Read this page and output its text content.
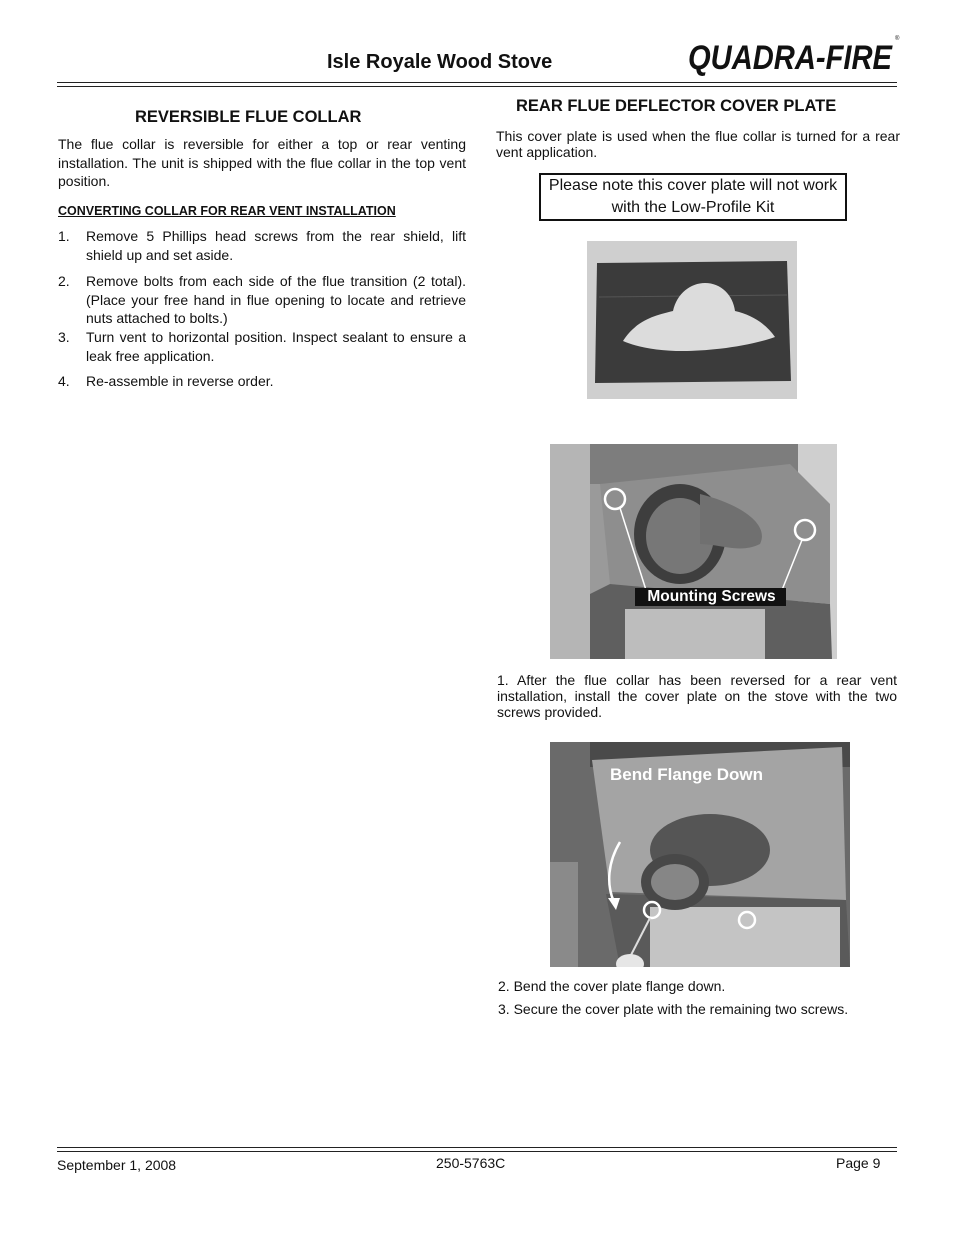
Isle Royale Wood Stove	QUADRA-FIRE ®
REVERSIBLE FLUE COLLAR
The flue collar is reversible for either a top or rear venting installation. The unit is shipped with the flue collar in the top vent position.
CONVERTING COLLAR FOR REAR VENT INSTALLATION
1. Remove 5 Phillips head screws from the rear shield, lift shield up and set aside.
2. Remove bolts from each side of the flue transition (2 total). (Place your free hand in flue opening to locate and retrieve nuts attached to bolts.)
3. Turn vent to horizontal position. Inspect sealant to ensure a leak free application.
4. Re-assemble in reverse order.
REAR FLUE DEFLECTOR COVER PLATE
This cover plate is used when the flue collar is turned for a rear vent application.
Please note this cover plate will not work with the Low-Profile Kit
Mounting Screws
1. After the flue collar has been reversed for a rear vent installation, install the cover plate on the stove with the two screws provided.
Bend Flange Down
2. Bend the cover plate flange down.
3. Secure the cover plate with the remaining two screws.
September 1, 2008	250-5763C	Page 9
